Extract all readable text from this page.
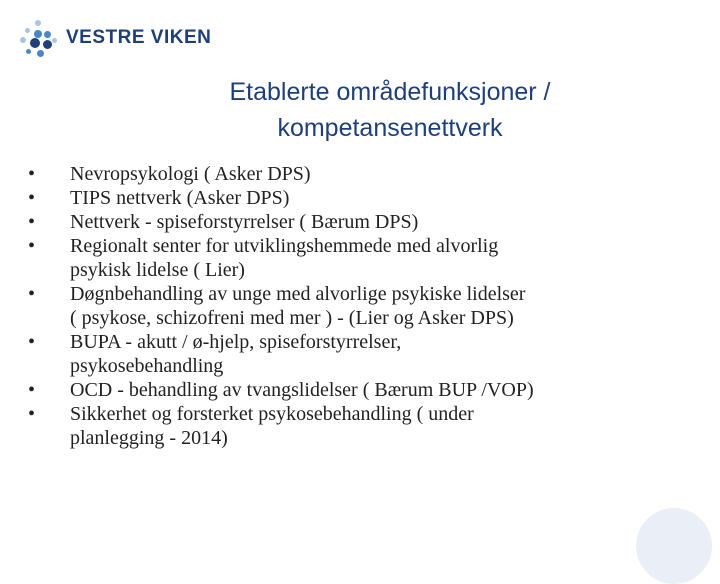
VESTRE VIKEN
Etablerte områdefunksjoner /
kompetansenettverk
• Nevropsykologi ( Asker DPS)
• TIPS nettverk (Asker DPS)
• Nettverk - spiseforstyrrelser ( Bærum DPS)
• Regionalt senter for utviklingshemmede med alvorlig
psykisk lidelse ( Lier)
• Døgnbehandling av unge med alvorlige psykiske lidelser
( psykose, schizofreni med mer ) - (Lier og Asker DPS)
• BUPA - akutt / ø-hjelp, spiseforstyrrelser,
psykosebehandling
• OCD - behandling av tvangslidelser ( Bærum BUP /VOP)
• Sikkerhet og forsterket psykosebehandling ( under
planlegging - 2014)
